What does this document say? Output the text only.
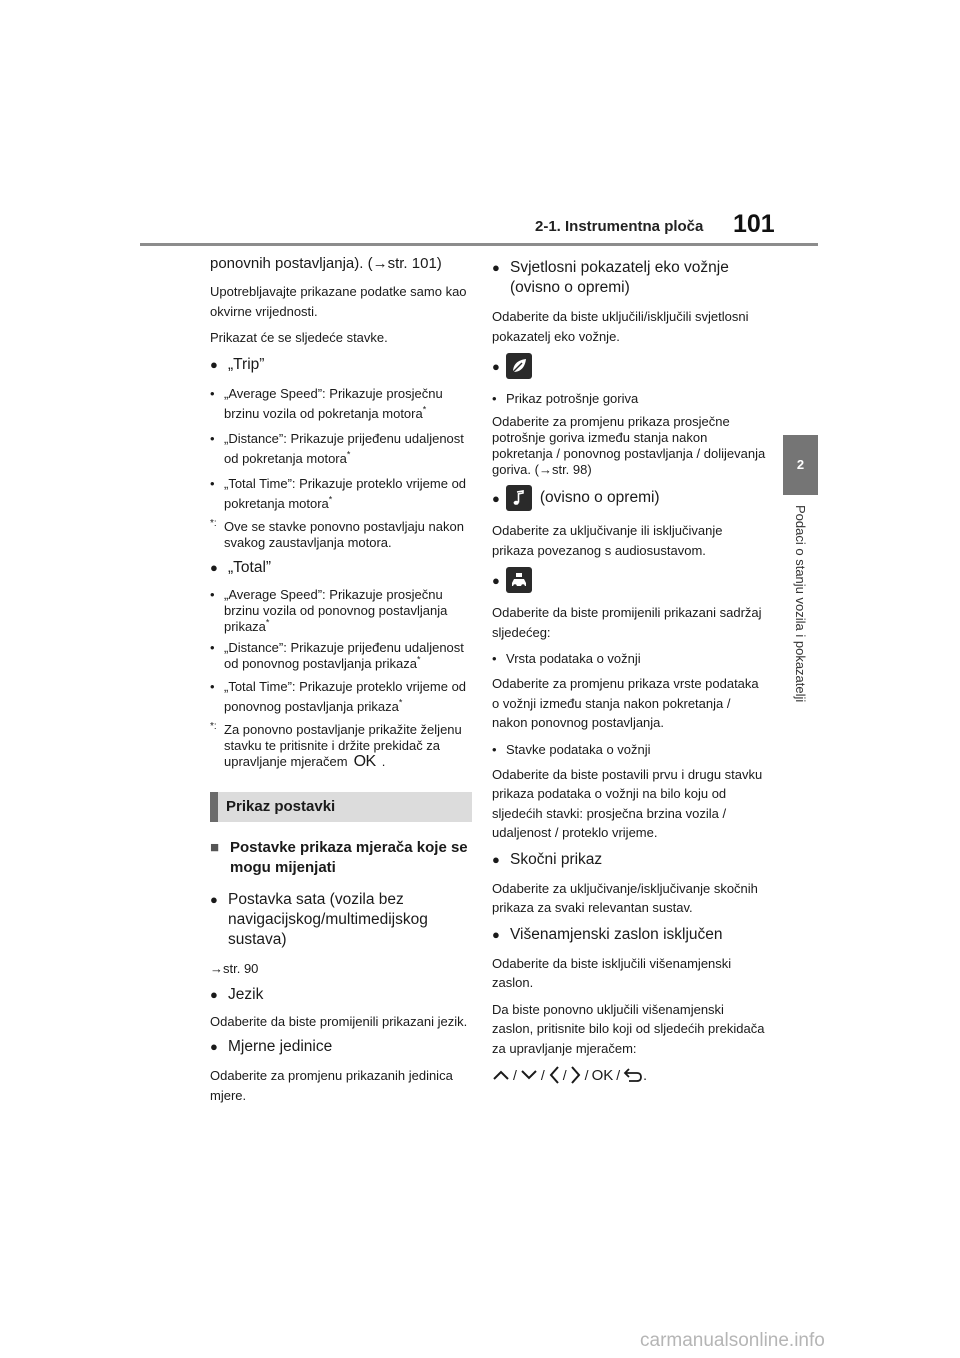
2-1. Instrumentna ploča 101
2
Podaci o stanju vozila i pokazatelji

ponovnih postavljanja). (→str. 101)

Upotrebljavajte prikazane podatke samo kao okvirne vrijednosti.

Prikazat će se sljedeće stavke.

● „Trip”
• „Average Speed”: Prikazuje prosječnu brzinu vozila od pokretanja motora*
• „Distance”: Prikazuje prijeđenu udaljenost od pokretanja motora*
• „Total Time”: Prikazuje proteklo vrijeme od pokretanja motora*
*: Ove se stavke ponovno postavljaju nakon svakog zaustavljanja motora.
● „Total”
• „Average Speed”: Prikazuje prosječnu brzinu vozila od ponovnog postavljanja prikaza*
• „Distance”: Prikazuje prijeđenu udaljenost od ponovnog postavljanja prikaza*
• „Total Time”: Prikazuje proteklo vrijeme od ponovnog postavljanja prikaza*
*: Za ponovno postavljanje prikažite željenu stavku te pritisnite i držite prekidač za upravljanje mjeračem OK .
Prikaz postavki
■ Postavke prikaza mjerača koje se mogu mijenjati
● Postavka sata (vozila bez navigacijskog/multimedijskog sustava)

→str. 90

● Jezik

Odaberite da biste promijenili prikazani jezik.

● Mjerne jedinice

Odaberite za promjenu prikazanih jedinica mjere.

● Svjetlosni pokazatelj eko vožnje (ovisno o opremi)

Odaberite da biste uključili/isključili svjetlosni pokazatelj eko vožnje.

●
• Prikaz potrošnje goriva

Odaberite za promjenu prikaza prosječne potrošnje goriva između stanja nakon pokretanja / ponovnog postavljanja / dolijevanja goriva. (→str. 98)

●	(ovisno o opremi)

Odaberite za uključivanje ili isključivanje prikaza povezanog s audiosustavom.

●

Odaberite da biste promijenili prikazani sadržaj sljedećeg:

• Vrsta podataka o vožnji

Odaberite za promjenu prikaza vrste podataka o vožnji između stanja nakon pokretanja / nakon ponovnog postavljanja.

• Stavke podataka o vožnji

Odaberite da biste postavili prvu i drugu stavku prikaza podataka o vožnji na bilo koju od sljedećih stavki: prosječna brzina vozila / udaljenost / proteklo vrijeme.

● Skočni prikaz

Odaberite za uključivanje/isključivanje skočnih prikaza za svaki relevantan sustav.

● Višenamjenski zaslon isključen

Odaberite da biste isključili višenamjenski zaslon.

Da biste ponovno uključili višenamjenski zaslon, pritisnite bilo koji od sljedećih prekidača za upravljanje mjeračem:

/ / / / OK / .
carmanualsonline.info
